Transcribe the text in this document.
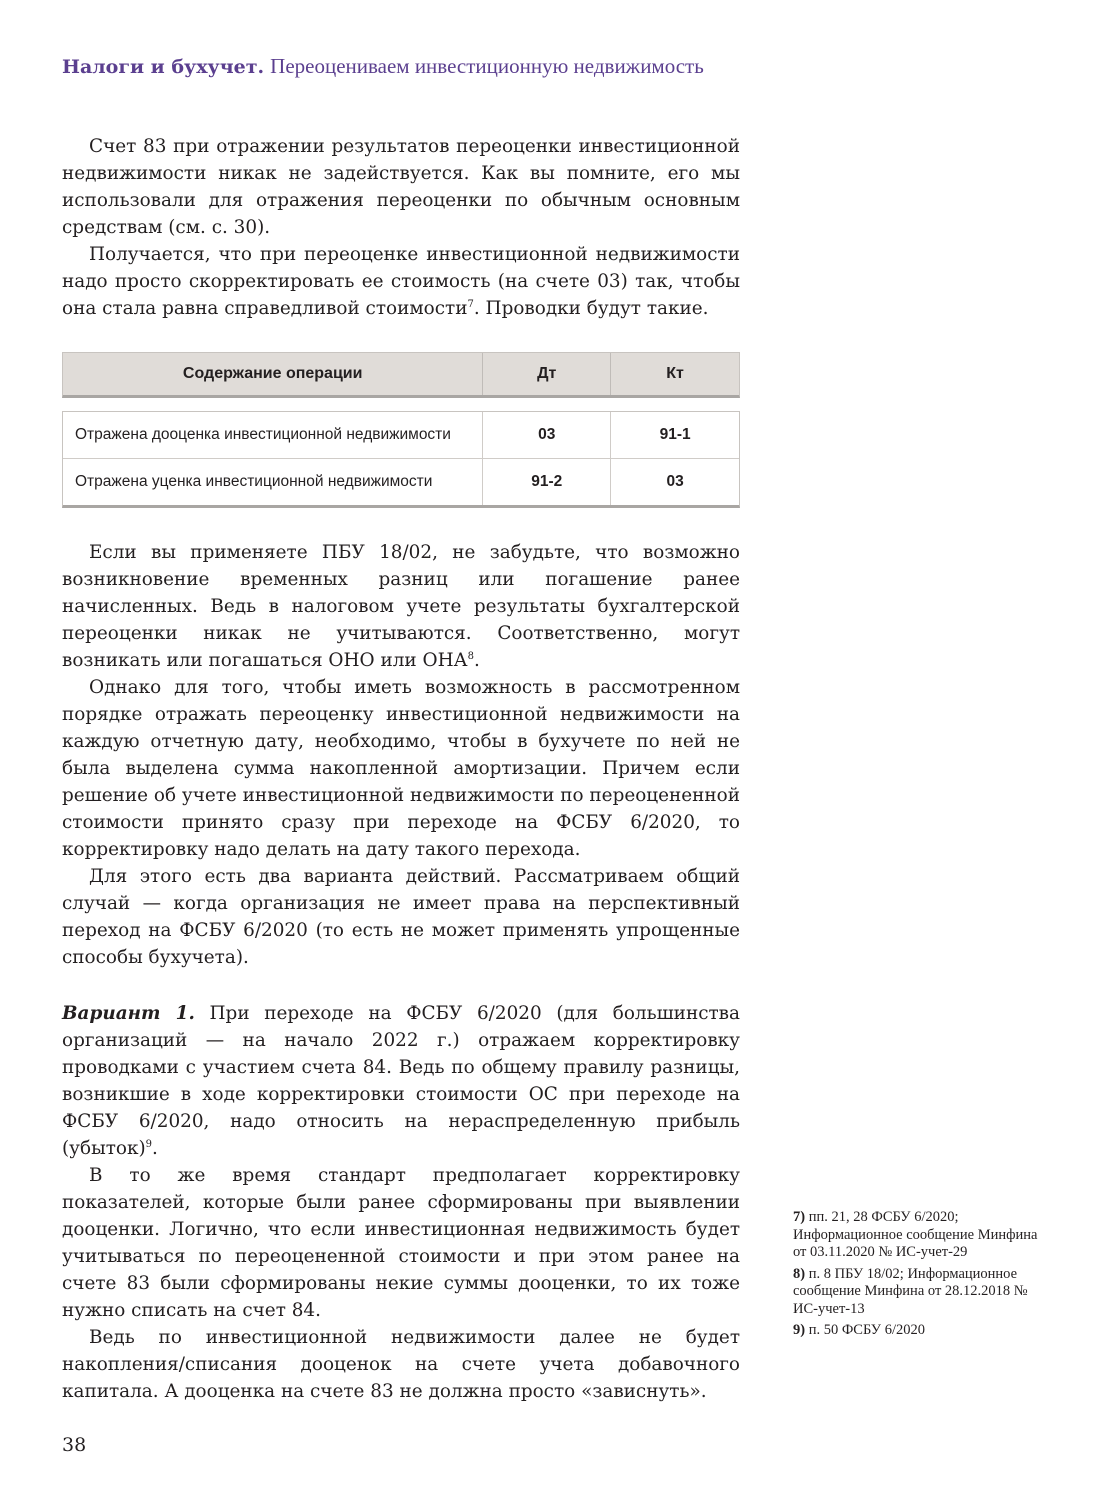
Налоги и бухучет. Переоцениваем инвестиционную недвижимость

Счет 83 при отражении результатов переоценки инвестиционной недвижимости никак не задействуется. Как вы помните, его мы использовали для отражения переоценки по обычным основным средствам (см. с. 30).

Получается, что при переоценке инвестиционной недвижимости надо просто скорректировать ее стоимость (на счете 03) так, чтобы она стала равна справедливой стоимости$^7$. Проводки будут такие.

Содержание операции	Дт	Кт
Отражена дооценка инвестиционной недвижимости	03	91-1
Отражена уценка инвестиционной недвижимости	91-2	03

Если вы применяете ПБУ 18/02, не забудьте, что возможно возникновение временных разниц или погашение ранее начисленных. Ведь в налоговом учете результаты бухгалтерской переоценки никак не учитываются. Соответственно, могут возникать или погашаться ОНО или ОНА$^8$.

Однако для того, чтобы иметь возможность в рассмотренном порядке отражать переоценку инвестиционной недвижимости на каждую отчетную дату, необходимо, чтобы в бухучете по ней не была выделена сумма накопленной амортизации. Причем если решение об учете инвестиционной недвижимости по переоцененной стоимости принято сразу при переходе на ФСБУ 6/2020, то корректировку надо делать на дату такого перехода.

Для этого есть два варианта действий. Рассматриваем общий случай — когда организация не имеет права на перспективный переход на ФСБУ 6/2020 (то есть не может применять упрощенные способы бухучета).

Вариант 1. При переходе на ФСБУ 6/2020 (для большинства организаций — на начало 2022 г.) отражаем корректировку проводками с участием счета 84. Ведь по общему правилу разницы, возникшие в ходе корректировки стоимости ОС при переходе на ФСБУ 6/2020, надо относить на нераспределенную прибыль (убыток)$^9$.

В то же время стандарт предполагает корректировку показателей, которые были ранее сформированы при выявлении дооценки. Логично, что если инвестиционная недвижимость будет учитываться по переоцененной стоимости и при этом ранее на счете 83 были сформированы некие суммы дооценки, то их тоже нужно списать на счет 84.

Ведь по инвестиционной недвижимости далее не будет накопления/списания дооценок на счете учета добавочного капитала. А дооценка на счете 83 не должна просто «зависнуть».

7) пп. 21, 28 ФСБУ 6/2020; Информационное сообщение Минфина от 03.11.2020 № ИС-учет-29

8) п. 8 ПБУ 18/02; Информационное сообщение Минфина от 28.12.2018 № ИС-учет-13

9) п. 50 ФСБУ 6/2020

38
